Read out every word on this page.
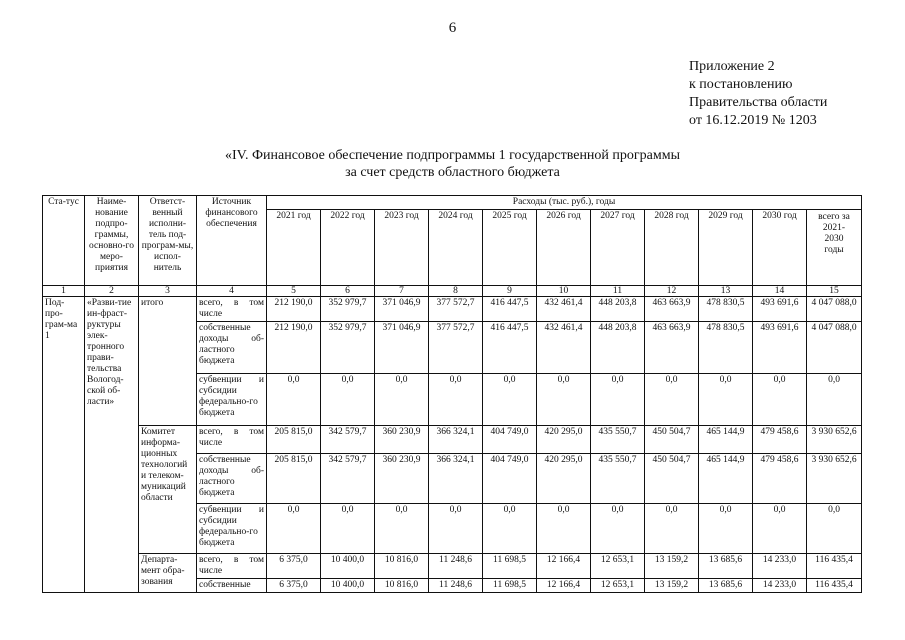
6
Приложение 2
к постановлению
Правительства области
от 16.12.2019 № 1203
«IV. Финансовое обеспечение подпрограммы 1 государственной программы
за счет средств областного бюджета
Ста-тус	Наиме-нование подпро-граммы, основно-го меро-приятия	Ответст-венный исполни-тель под-програм-мы, испол-нитель	Источник финансового обеспечения	Расходы (тыс. руб.), годы										
				2021 год	2022 год	2023 год	2024 год	2025 год	2026 год	2027 год	2028 год	2029 год	2030 год	всего за 2021-2030 годы
1	2	3	4	5	6	7	8	9	10	11	12	13	14	15
Под-про-грам-ма 1	«Разви-тие ин-фраст-руктуры элек-тронного прави-тельства Вологод-ской об-ласти»	итого	всего, в том числе	212 190,0	352 979,7	371 046,9	377 572,7	416 447,5	432 461,4	448 203,8	463 663,9	478 830,5	493 691,6	4 047 088,0
			собственные доходы об-ластного бюджета	212 190,0	352 979,7	371 046,9	377 572,7	416 447,5	432 461,4	448 203,8	463 663,9	478 830,5	493 691,6	4 047 088,0
			субвенции и субсидии федерально-го бюджета	0,0	0,0	0,0	0,0	0,0	0,0	0,0	0,0	0,0	0,0	0,0
		Комитет информа-ционных технологий и телеком-муникаций области	всего, в том числе	205 815,0	342 579,7	360 230,9	366 324,1	404 749,0	420 295,0	435 550,7	450 504,7	465 144,9	479 458,6	3 930 652,6
			собственные доходы об-ластного бюджета	205 815,0	342 579,7	360 230,9	366 324,1	404 749,0	420 295,0	435 550,7	450 504,7	465 144,9	479 458,6	3 930 652,6
			субвенции и субсидии федерально-го бюджета	0,0	0,0	0,0	0,0	0,0	0,0	0,0	0,0	0,0	0,0	0,0
		Департа-мент обра-зования	всего, в том числе	6 375,0	10 400,0	10 816,0	11 248,6	11 698,5	12 166,4	12 653,1	13 159,2	13 685,6	14 233,0	116 435,4
			собственные	6 375,0	10 400,0	10 816,0	11 248,6	11 698,5	12 166,4	12 653,1	13 159,2	13 685,6	14 233,0	116 435,4
